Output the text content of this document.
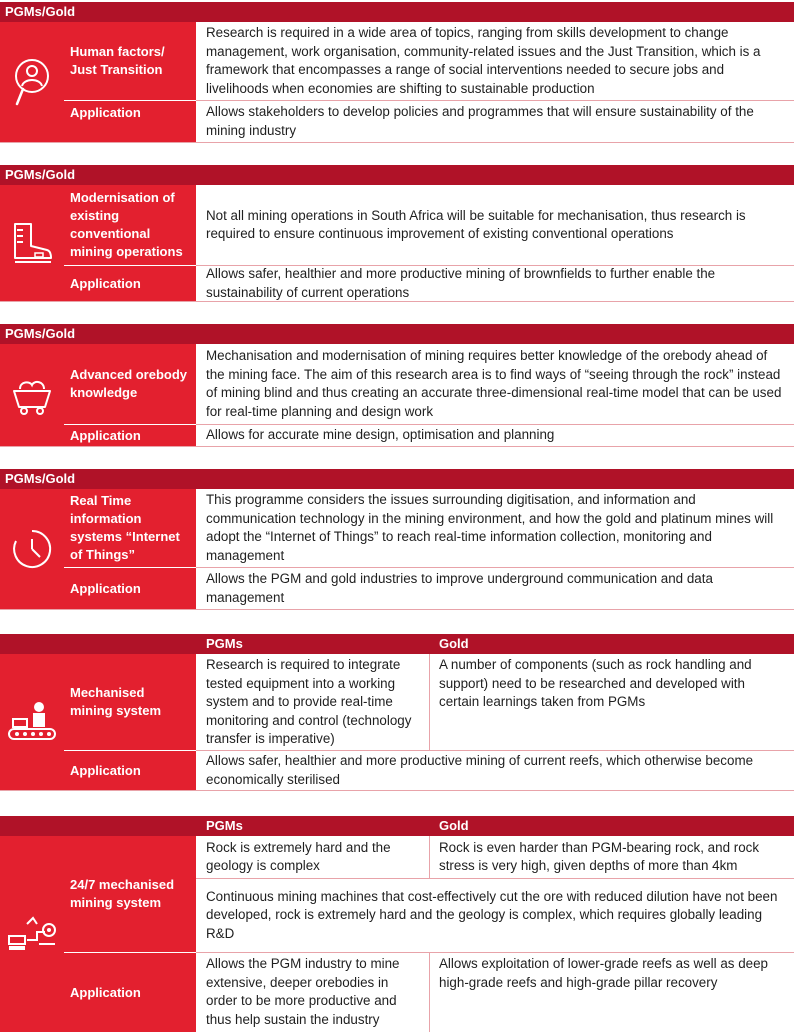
PGMs/Gold
Human factors/ Just Transition
Application
Research is required in a wide area of topics, ranging from skills development to change management, work organisation, community-related issues and the Just Transition, which is a framework that encompasses a range of social interventions needed to secure jobs and livelihoods when economies are shifting to sustainable production
Allows stakeholders to develop policies and programmes that will ensure sustainability of the mining industry
PGMs/Gold
Modernisation of existing conventional mining operations
Application
Not all mining operations in South Africa will be suitable for mechanisation, thus research is required to ensure continuous improvement of existing conventional operations
Allows safer, healthier and more productive mining of brownfields to further enable the sustainability of current operations
PGMs/Gold
Advanced orebody knowledge
Application
Mechanisation and modernisation of mining requires better knowledge of the orebody ahead of the mining face. The aim of this research area is to find ways of “seeing through the rock” instead of mining blind and thus creating an accurate three-dimensional real-time model that can be used for real-time planning and design work
Allows for accurate mine design, optimisation and planning
PGMs/Gold
Real Time information systems “Internet of Things”
Application
This programme considers the issues surrounding digitisation, and information and communication technology in the mining environment, and how the gold and platinum mines will adopt the “Internet of Things” to reach real-time information collection, monitoring and management
Allows the PGM and gold industries to improve underground communication and data management
PGMs	Gold
Mechanised mining system
Application
Research is required to integrate tested equipment into a working system and to provide real-time monitoring and control (technology transfer is imperative)
A number of components (such as rock handling and support) need to be researched and developed with certain learnings taken from PGMs
Allows safer, healthier and more productive mining of current reefs, which otherwise become economically sterilised
PGMs	Gold
24/7 mechanised mining system
Application
Rock is extremely hard and the geology is complex
Rock is even harder than PGM-bearing rock, and rock stress is very high, given depths of more than 4km
Continuous mining machines that cost-effectively cut the ore with reduced dilution have not been developed, rock is extremely hard and the geology is complex, which requires globally leading R&D
Allows the PGM industry to mine extensive, deeper orebodies in order to be more productive and thus help sustain the industry
Allows exploitation of lower-grade reefs as well as deep high-grade reefs and high-grade pillar recovery
